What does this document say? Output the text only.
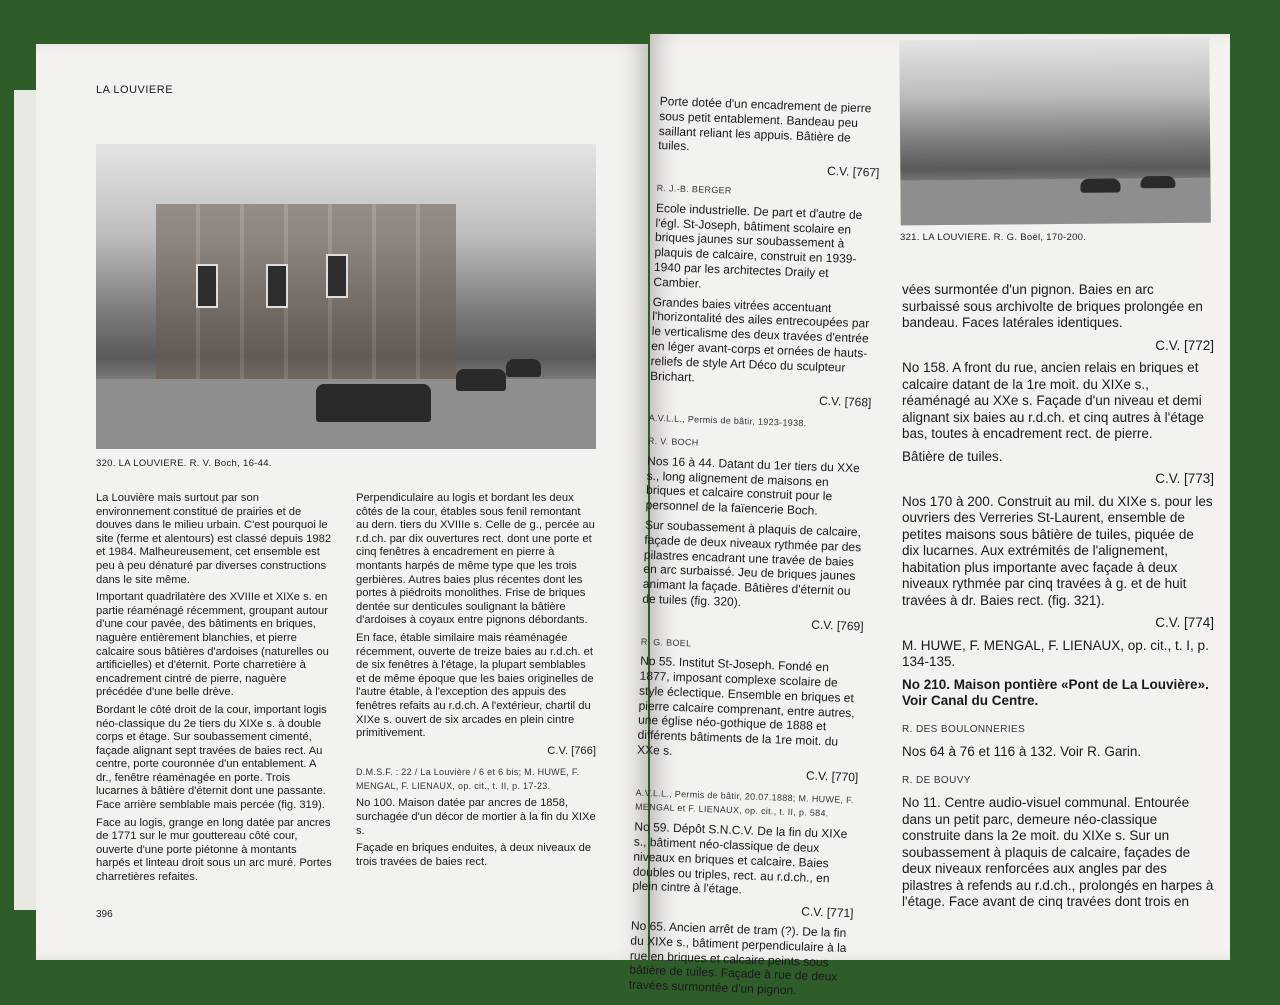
LA LOUVIERE
320. LA LOUVIERE. R. V. Boch, 16-44.

La Louvière mais surtout par son environnement constitué de prairies et de douves dans le milieu urbain. C'est pourquoi le site (ferme et alentours) est classé depuis 1982 et 1984. Malheureusement, cet ensemble est peu à peu dénaturé par diverses constructions dans le site même.

Important quadrilatère des XVIIIe et XIXe s. en partie réaménagé récemment, groupant autour d'une cour pavée, des bâtiments en briques, naguère entièrement blanchies, et pierre calcaire sous bâtières d'ardoises (naturelles ou artificielles) et d'éternit. Porte charretière à encadrement cintré de pierre, naguère précédée d'une belle drève.

Bordant le côté droit de la cour, important logis néo-classique du 2e tiers du XIXe s. à double corps et étage. Sur soubassement cimenté, façade alignant sept travées de baies rect. Au centre, porte couronnée d'un entablement. A dr., fenêtre réaménagée en porte. Trois lucarnes à bâtière d'éternit dont une passante. Face arrière semblable mais percée (fig. 319).

Face au logis, grange en long datée par ancres de 1771 sur le mur gouttereau côté cour, ouverte d'une porte piétonne à montants harpés et linteau droit sous un arc muré. Portes charretières refaites.

Perpendiculaire au logis et bordant les deux côtés de la cour, étables sous fenil remontant au dern. tiers du XVIIIe s. Celle de g., percée au r.d.ch. par dix ouvertures rect. dont une porte et cinq fenêtres à encadrement en pierre à montants harpés de même type que les trois gerbières. Autres baies plus récentes dont les portes à piédroits monolithes. Frise de briques dentée sur denticules soulignant la bâtière d'ardoises à coyaux entre pignons débordants.

En face, étable similaire mais réaménagée récemment, ouverte de treize baies au r.d.ch. et de six fenêtres à l'étage, la plupart semblables et de même époque que les baies originelles de l'autre étable, à l'exception des appuis des fenêtres refaits au r.d.ch. A l'extérieur, chartil du XIXe s. ouvert de six arcades en plein cintre primitivement.

C.V. [766]

D.M.S.F. : 22 / La Louvière / 6 et 6 bis; M. HUWE, F. MENGAL, F. LIENAUX, op. cit., t. II, p. 17-23.

No 100. Maison datée par ancres de 1858, surchagée d'un décor de mortier à la fin du XIXe s.

Façade en briques enduites, à deux niveaux de trois travées de baies rect.

396

Porte dotée d'un encadrement de pierre sous petit entablement. Bandeau peu saillant reliant les appuis. Bâtière de tuiles.

C.V. [767]

R. J.-B. BERGER

Ecole industrielle. De part et d'autre de l'égl. St-Joseph, bâtiment scolaire en briques jaunes sur soubassement à plaquis de calcaire, construit en 1939-1940 par les architectes Draily et Cambier.

Grandes baies vitrées accentuant l'horizontalité des ailes entrecoupées par le verticalisme des deux travées d'entrée en léger avant-corps et ornées de hauts-reliefs de style Art Déco du sculpteur Brichart.

C.V. [768]

A.V.L.L., Permis de bâtir, 1923-1938.

R. V. BOCH

Nos 16 à 44. Datant du 1er tiers du XXe s., long alignement de maisons en briques et calcaire construit pour le personnel de la faïencerie Boch.

Sur soubassement à plaquis de calcaire, façade de deux niveaux rythmée par des pilastres encadrant une travée de baies en arc surbaissé. Jeu de briques jaunes animant la façade. Bâtières d'éternit ou de tuiles (fig. 320).

C.V. [769]

R. G. BOEL

No 55. Institut St-Joseph. Fondé en 1877, imposant complexe scolaire de style éclectique. Ensemble en briques et pierre calcaire comprenant, entre autres, une église néo-gothique de 1888 et différents bâtiments de la 1re moit. du XXe s.

C.V. [770]

A.V.L.L., Permis de bâtir, 20.07.1888; M. HUWE, F. MENGAL et F. LIENAUX, op. cit., t. II, p. 584.

No 59. Dépôt S.N.C.V. De la fin du XIXe s., bâtiment néo-classique de deux niveaux en briques et calcaire. Baies doubles ou triples, rect. au r.d.ch., en plein cintre à l'étage.

C.V. [771]

No 65. Ancien arrêt de tram (?). De la fin du XIXe s., bâtiment perpendiculaire à la rue en briques et calcaire peints sous bâtière de tuiles. Façade à rue de deux travées surmontée d'un pignon.

321. LA LOUVIERE. R. G. Boël, 170-200.

vées surmontée d'un pignon. Baies en arc surbaissé sous archivolte de briques prolongée en bandeau. Faces latérales identiques.

C.V. [772]

No 158. A front du rue, ancien relais en briques et calcaire datant de la 1re moit. du XIXe s., réaménagé au XXe s. Façade d'un niveau et demi alignant six baies au r.d.ch. et cinq autres à l'étage bas, toutes à encadrement rect. de pierre.

Bâtière de tuiles.

C.V. [773]

Nos 170 à 200. Construit au mil. du XIXe s. pour les ouvriers des Verreries St-Laurent, ensemble de petites maisons sous bâtière de tuiles, piquée de dix lucarnes. Aux extrémités de l'alignement, habitation plus importante avec façade à deux niveaux rythmée par cinq travées à g. et de huit travées à dr. Baies rect. (fig. 321).

C.V. [774]

M. HUWE, F. MENGAL, F. LIENAUX, op. cit., t. I, p. 134-135.

No 210. Maison pontière «Pont de La Louvière». Voir Canal du Centre.

R. DES BOULONNERIES

Nos 64 à 76 et 116 à 132. Voir R. Garin.

R. DE BOUVY

No 11. Centre audio-visuel communal. Entourée dans un petit parc, demeure néo-classique construite dans la 2e moit. du XIXe s. Sur un soubassement à plaquis de calcaire, façades de deux niveaux renforcées aux angles par des pilastres à refends au r.d.ch., prolongés en harpes à l'étage. Face avant de cinq travées dont trois en
